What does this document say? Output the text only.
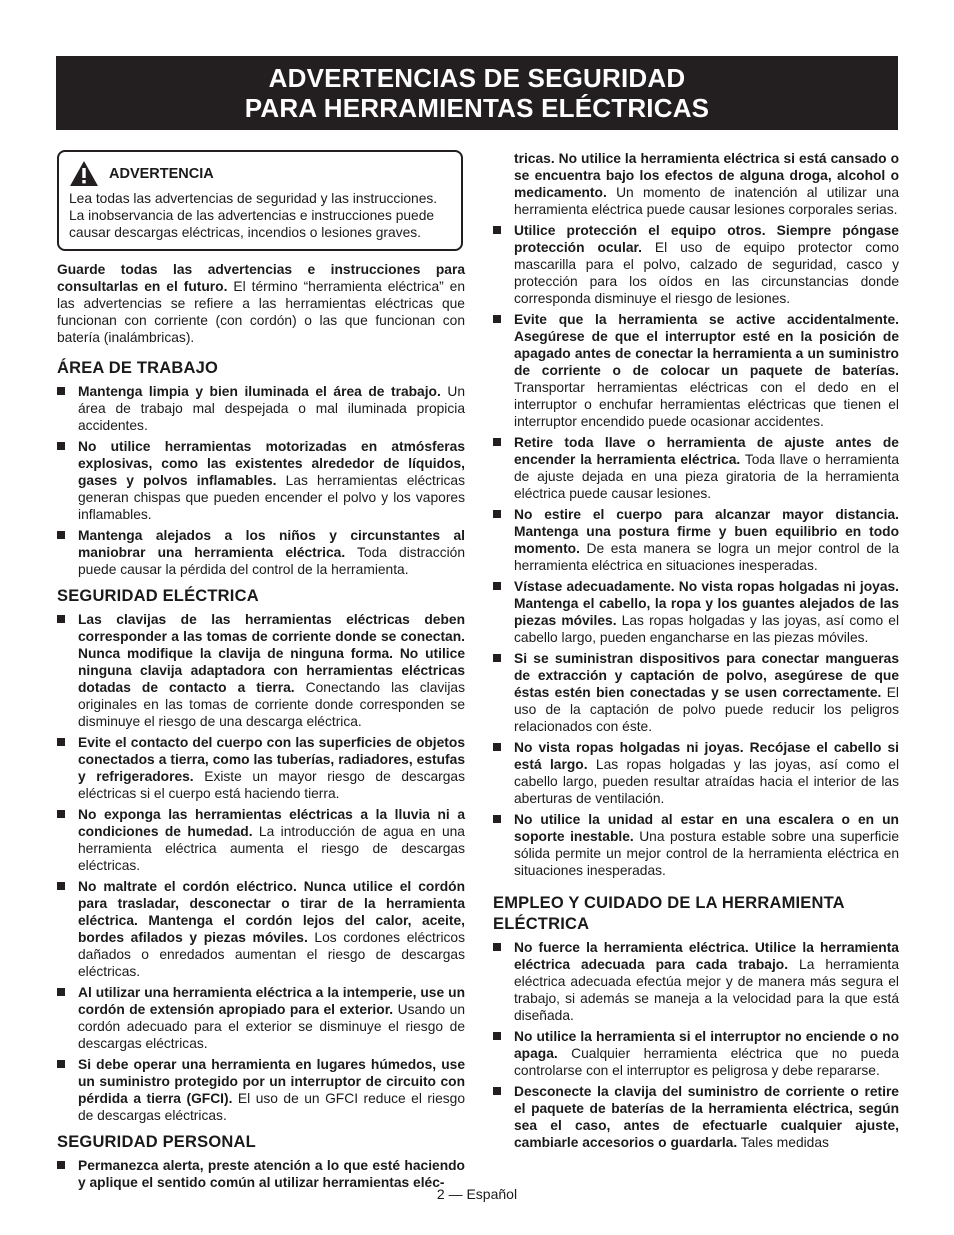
ADVERTENCIAS DE SEGURIDAD
PARA HERRAMIENTAS ELÉCTRICAS
ADVERTENCIA
Lea todas las advertencias de seguridad y las instrucciones. La inobservancia de las advertencias e instrucciones puede causar descargas eléctricas, incendios o lesiones graves.

Guarde todas las advertencias e instrucciones para consultarlas en el futuro. El término “herramienta eléctrica” en las advertencias se refiere a las herramientas eléctricas que funcionan con corriente (con cordón) o las que funcionan con batería (inalámbricas).

ÁREA DE TRABAJO
Mantenga limpia y bien iluminada el área de trabajo. Un área de trabajo mal despejada o mal iluminada propicia accidentes.
No utilice herramientas motorizadas en atmósferas explosivas, como las existentes alrededor de líquidos, gases y polvos inflamables. Las herramientas eléctricas generan chispas que pueden encender el polvo y los vapores inflamables.
Mantenga alejados a los niños y circunstantes al maniobrar una herramienta eléctrica. Toda distracción puede causar la pérdida del control de la herramienta.
SEGURIDAD ELÉCTRICA
Las clavijas de las herramientas eléctricas deben corresponder a las tomas de corriente donde se conectan. Nunca modifique la clavija de ninguna forma. No utilice ninguna clavija adaptadora con herramientas eléctricas dotadas de contacto a tierra. Conectando las clavijas originales en las tomas de corriente donde corresponden se disminuye el riesgo de una descarga eléctrica.
Evite el contacto del cuerpo con las superficies de objetos conectados a tierra, como las tuberías, radiadores, estufas y refrigeradores. Existe un mayor riesgo de descargas eléctricas si el cuerpo está haciendo tierra.
No exponga las herramientas eléctricas a la lluvia ni a condiciones de humedad. La introducción de agua en una herramienta eléctrica aumenta el riesgo de descargas eléctricas.
No maltrate el cordón eléctrico. Nunca utilice el cordón para trasladar, desconectar o tirar de la herramienta eléctrica. Mantenga el cordón lejos del calor, aceite, bordes afilados y piezas móviles. Los cordones eléctricos dañados o enredados aumentan el riesgo de descargas eléctricas.
Al utilizar una herramienta eléctrica a la intemperie, use un cordón de extensión apropiado para el exterior. Usando un cordón adecuado para el exterior se disminuye el riesgo de descargas eléctricas.
Si debe operar una herramienta en lugares húmedos, use un suministro protegido por un interruptor de circuito con pérdida a tierra (GFCI). El uso de un GFCI reduce el riesgo de descargas eléctricas.
SEGURIDAD PERSONAL
Permanezca alerta, preste atención a lo que esté haciendo y aplique el sentido común al utilizar herramientas eléc-
tricas. No utilice la herramienta eléctrica si está cansado o se encuentra bajo los efectos de alguna droga, alcohol o medicamento. Un momento de inatención al utilizar una herramienta eléctrica puede causar lesiones corporales serias.
Utilice protección el equipo otros. Siempre póngase protección ocular. El uso de equipo protector como mascarilla para el polvo, calzado de seguridad, casco y protección para los oídos en las circunstancias donde corresponda disminuye el riesgo de lesiones.
Evite que la herramienta se active accidentalmente. Asegúrese de que el interruptor esté en la posición de apagado antes de conectar la herramienta a un suministro de corriente o de colocar un paquete de baterías. Transportar herramientas eléctricas con el dedo en el interruptor o enchufar herramientas eléctricas que tienen el interruptor encendido puede ocasionar accidentes.
Retire toda llave o herramienta de ajuste antes de encender la herramienta eléctrica. Toda llave o herramienta de ajuste dejada en una pieza giratoria de la herramienta eléctrica puede causar lesiones.
No estire el cuerpo para alcanzar mayor distancia. Mantenga una postura firme y buen equilibrio en todo momento. De esta manera se logra un mejor control de la herramienta eléctrica en situaciones inesperadas.
Vístase adecuadamente. No vista ropas holgadas ni joyas. Mantenga el cabello, la ropa y los guantes alejados de las piezas móviles. Las ropas holgadas y las joyas, así como el cabello largo, pueden engancharse en las piezas móviles.
Si se suministran dispositivos para conectar mangueras de extracción y captación de polvo, asegúrese de que éstas estén bien conectadas y se usen correctamente. El uso de la captación de polvo puede reducir los peligros relacionados con éste.
No vista ropas holgadas ni joyas. Recójase el cabello si está largo. Las ropas holgadas y las joyas, así como el cabello largo, pueden resultar atraídas hacia el interior de las aberturas de ventilación.
No utilice la unidad al estar en una escalera o en un soporte inestable. Una postura estable sobre una superficie sólida permite un mejor control de la herramienta eléctrica en situaciones inesperadas.
EMPLEO Y CUIDADO DE LA HERRAMIENTA ELÉCTRICA
No fuerce la herramienta eléctrica. Utilice la herramienta eléctrica adecuada para cada trabajo. La herramienta eléctrica adecuada efectúa mejor y de manera más segura el trabajo, si además se maneja a la velocidad para la que está diseñada.
No utilice la herramienta si el interruptor no enciende o no apaga. Cualquier herramienta eléctrica que no pueda controlarse con el interruptor es peligrosa y debe repararse.
Desconecte la clavija del suministro de corriente o retire el paquete de baterías de la herramienta eléctrica, según sea el caso, antes de efectuarle cualquier ajuste, cambiarle accesorios o guardarla. Tales medidas
2 — Español
